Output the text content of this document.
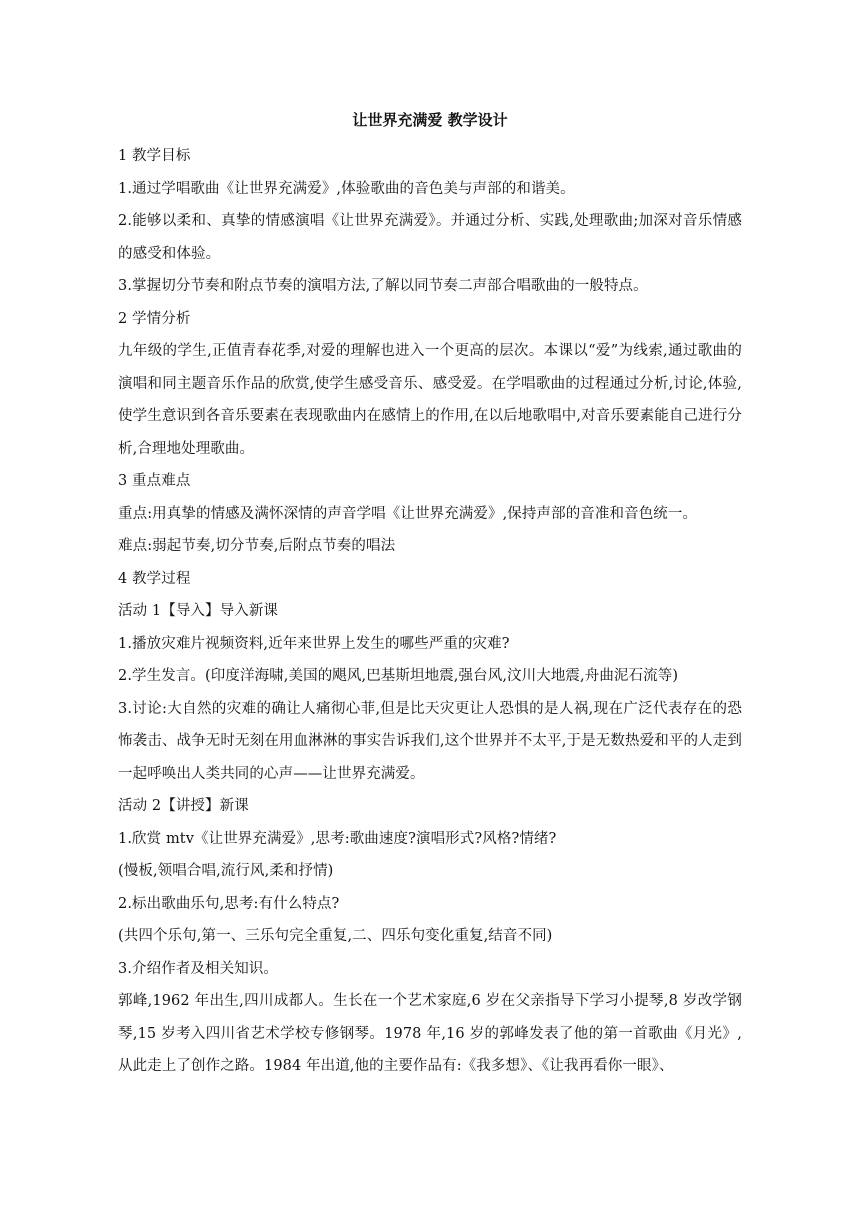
让世界充满爱 教学设计

1 教学目标

1.通过学唱歌曲《让世界充满爱》,体验歌曲的音色美与声部的和谐美。

2.能够以柔和、真挚的情感演唱《让世界充满爱》。并通过分析、实践,处理歌曲;加深对音乐情感的感受和体验。

3.掌握切分节奏和附点节奏的演唱方法,了解以同节奏二声部合唱歌曲的一般特点。

2 学情分析

九年级的学生,正值青春花季,对爱的理解也进入一个更高的层次。本课以“爱”为线索,通过歌曲的演唱和同主题音乐作品的欣赏,使学生感受音乐、感受爱。在学唱歌曲的过程通过分析,讨论,体验,使学生意识到各音乐要素在表现歌曲内在感情上的作用,在以后地歌唱中,对音乐要素能自己进行分析,合理地处理歌曲。

3 重点难点

重点:用真挚的情感及满怀深情的声音学唱《让世界充满爱》,保持声部的音准和音色统一。

难点:弱起节奏,切分节奏,后附点节奏的唱法

4 教学过程

活动 1【导入】导入新课

1.播放灾难片视频资料,近年来世界上发生的哪些严重的灾难?

2.学生发言。(印度洋海啸,美国的飓风,巴基斯坦地震,强台风,汶川大地震,舟曲泥石流等)

3.讨论:大自然的灾难的确让人痛彻心菲,但是比天灾更让人恐惧的是人祸,现在广泛代表存在的恐怖袭击、战争无时无刻在用血淋淋的事实告诉我们,这个世界并不太平,于是无数热爱和平的人走到一起呼唤出人类共同的心声——让世界充满爱。

活动 2【讲授】新课

1.欣赏 mtv《让世界充满爱》,思考:歌曲速度?演唱形式?风格?情绪?

(慢板,领唱合唱,流行风,柔和抒情)

2.标出歌曲乐句,思考:有什么特点?

(共四个乐句,第一、三乐句完全重复,二、四乐句变化重复,结音不同)

3.介绍作者及相关知识。

郭峰,1962 年出生,四川成都人。生长在一个艺术家庭,6 岁在父亲指导下学习小提琴,8 岁改学钢琴,15 岁考入四川省艺术学校专修钢琴。1978 年,16 岁的郭峰发表了他的第一首歌曲《月光》,从此走上了创作之路。1984 年出道,他的主要作品有:《我多想》、《让我再看你一眼》、
